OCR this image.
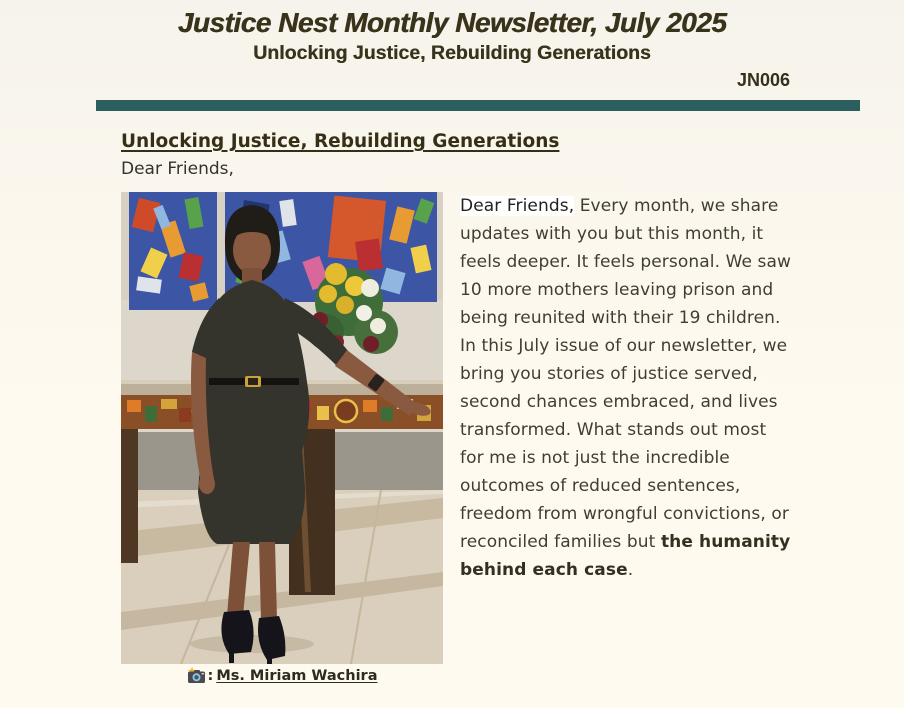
Justice Nest Monthly Newsletter, July 2025
Unlocking Justice, Rebuilding Generations
JN006
Unlocking Justice, Rebuilding Generations
Dear Friends,
: Ms. Miriam Wachira
Dear Friends, Every month, we share updates with you but this month, it feels deeper. It feels personal. We saw 10 more mothers leaving prison and being reunited with their 19 children. In this July issue of our newsletter, we bring you stories of justice served, second chances embraced, and lives transformed. What stands out most for me is not just the incredible outcomes of reduced sentences, freedom from wrongful convictions, or reconciled families but the humanity behind each case.
